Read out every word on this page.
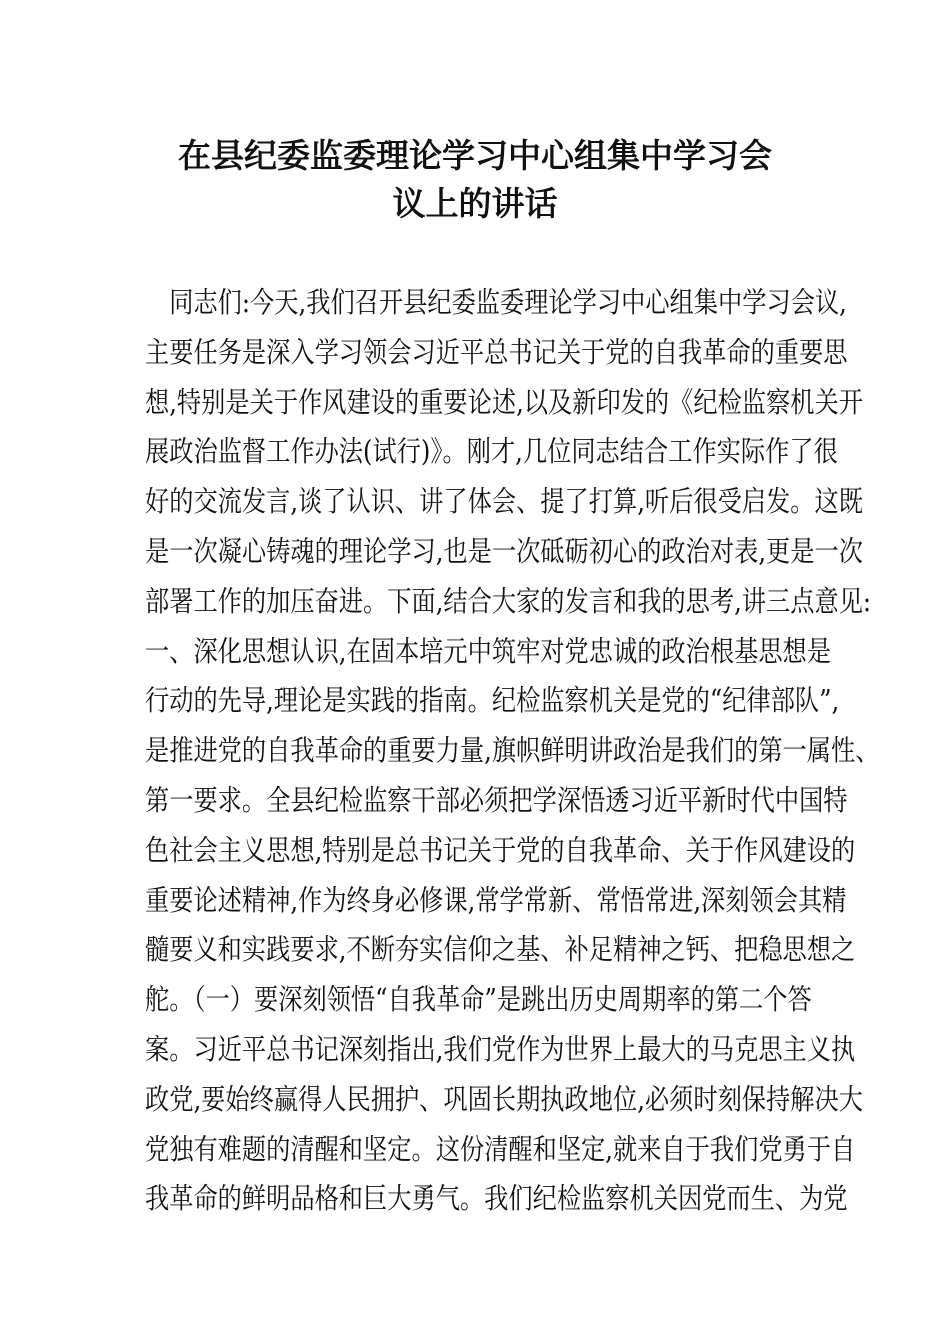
在县纪委监委理论学习中心组集中学习会
议上的讲话
　同志们:今天,我们召开县纪委监委理论学习中心组集中学习会议,
主要任务是深入学习领会习近平总书记关于党的自我革命的重要思
想,特别是关于作风建设的重要论述,以及新印发的《纪检监察机关开
展政治监督工作办法(试行)》。刚才,几位同志结合工作实际作了很
好的交流发言,谈了认识、讲了体会、提了打算,听后很受启发。这既
是一次凝心铸魂的理论学习,也是一次砥砺初心的政治对表,更是一次
部署工作的加压奋进。下面,结合大家的发言和我的思考,讲三点意见:
一、深化思想认识,在固本培元中筑牢对党忠诚的政治根基思想是
行动的先导,理论是实践的指南。纪检监察机关是党的“纪律部队”,
是推进党的自我革命的重要力量,旗帜鲜明讲政治是我们的第一属性、
第一要求。全县纪检监察干部必须把学深悟透习近平新时代中国特
色社会主义思想,特别是总书记关于党的自我革命、关于作风建设的
重要论述精神,作为终身必修课,常学常新、常悟常进,深刻领会其精
髓要义和实践要求,不断夯实信仰之基、补足精神之钙、把稳思想之
舵。（一）要深刻领悟“自我革命”是跳出历史周期率的第二个答
案。习近平总书记深刻指出,我们党作为世界上最大的马克思主义执
政党,要始终赢得人民拥护、巩固长期执政地位,必须时刻保持解决大
党独有难题的清醒和坚定。这份清醒和坚定,就来自于我们党勇于自
我革命的鲜明品格和巨大勇气。我们纪检监察机关因党而生、为党
